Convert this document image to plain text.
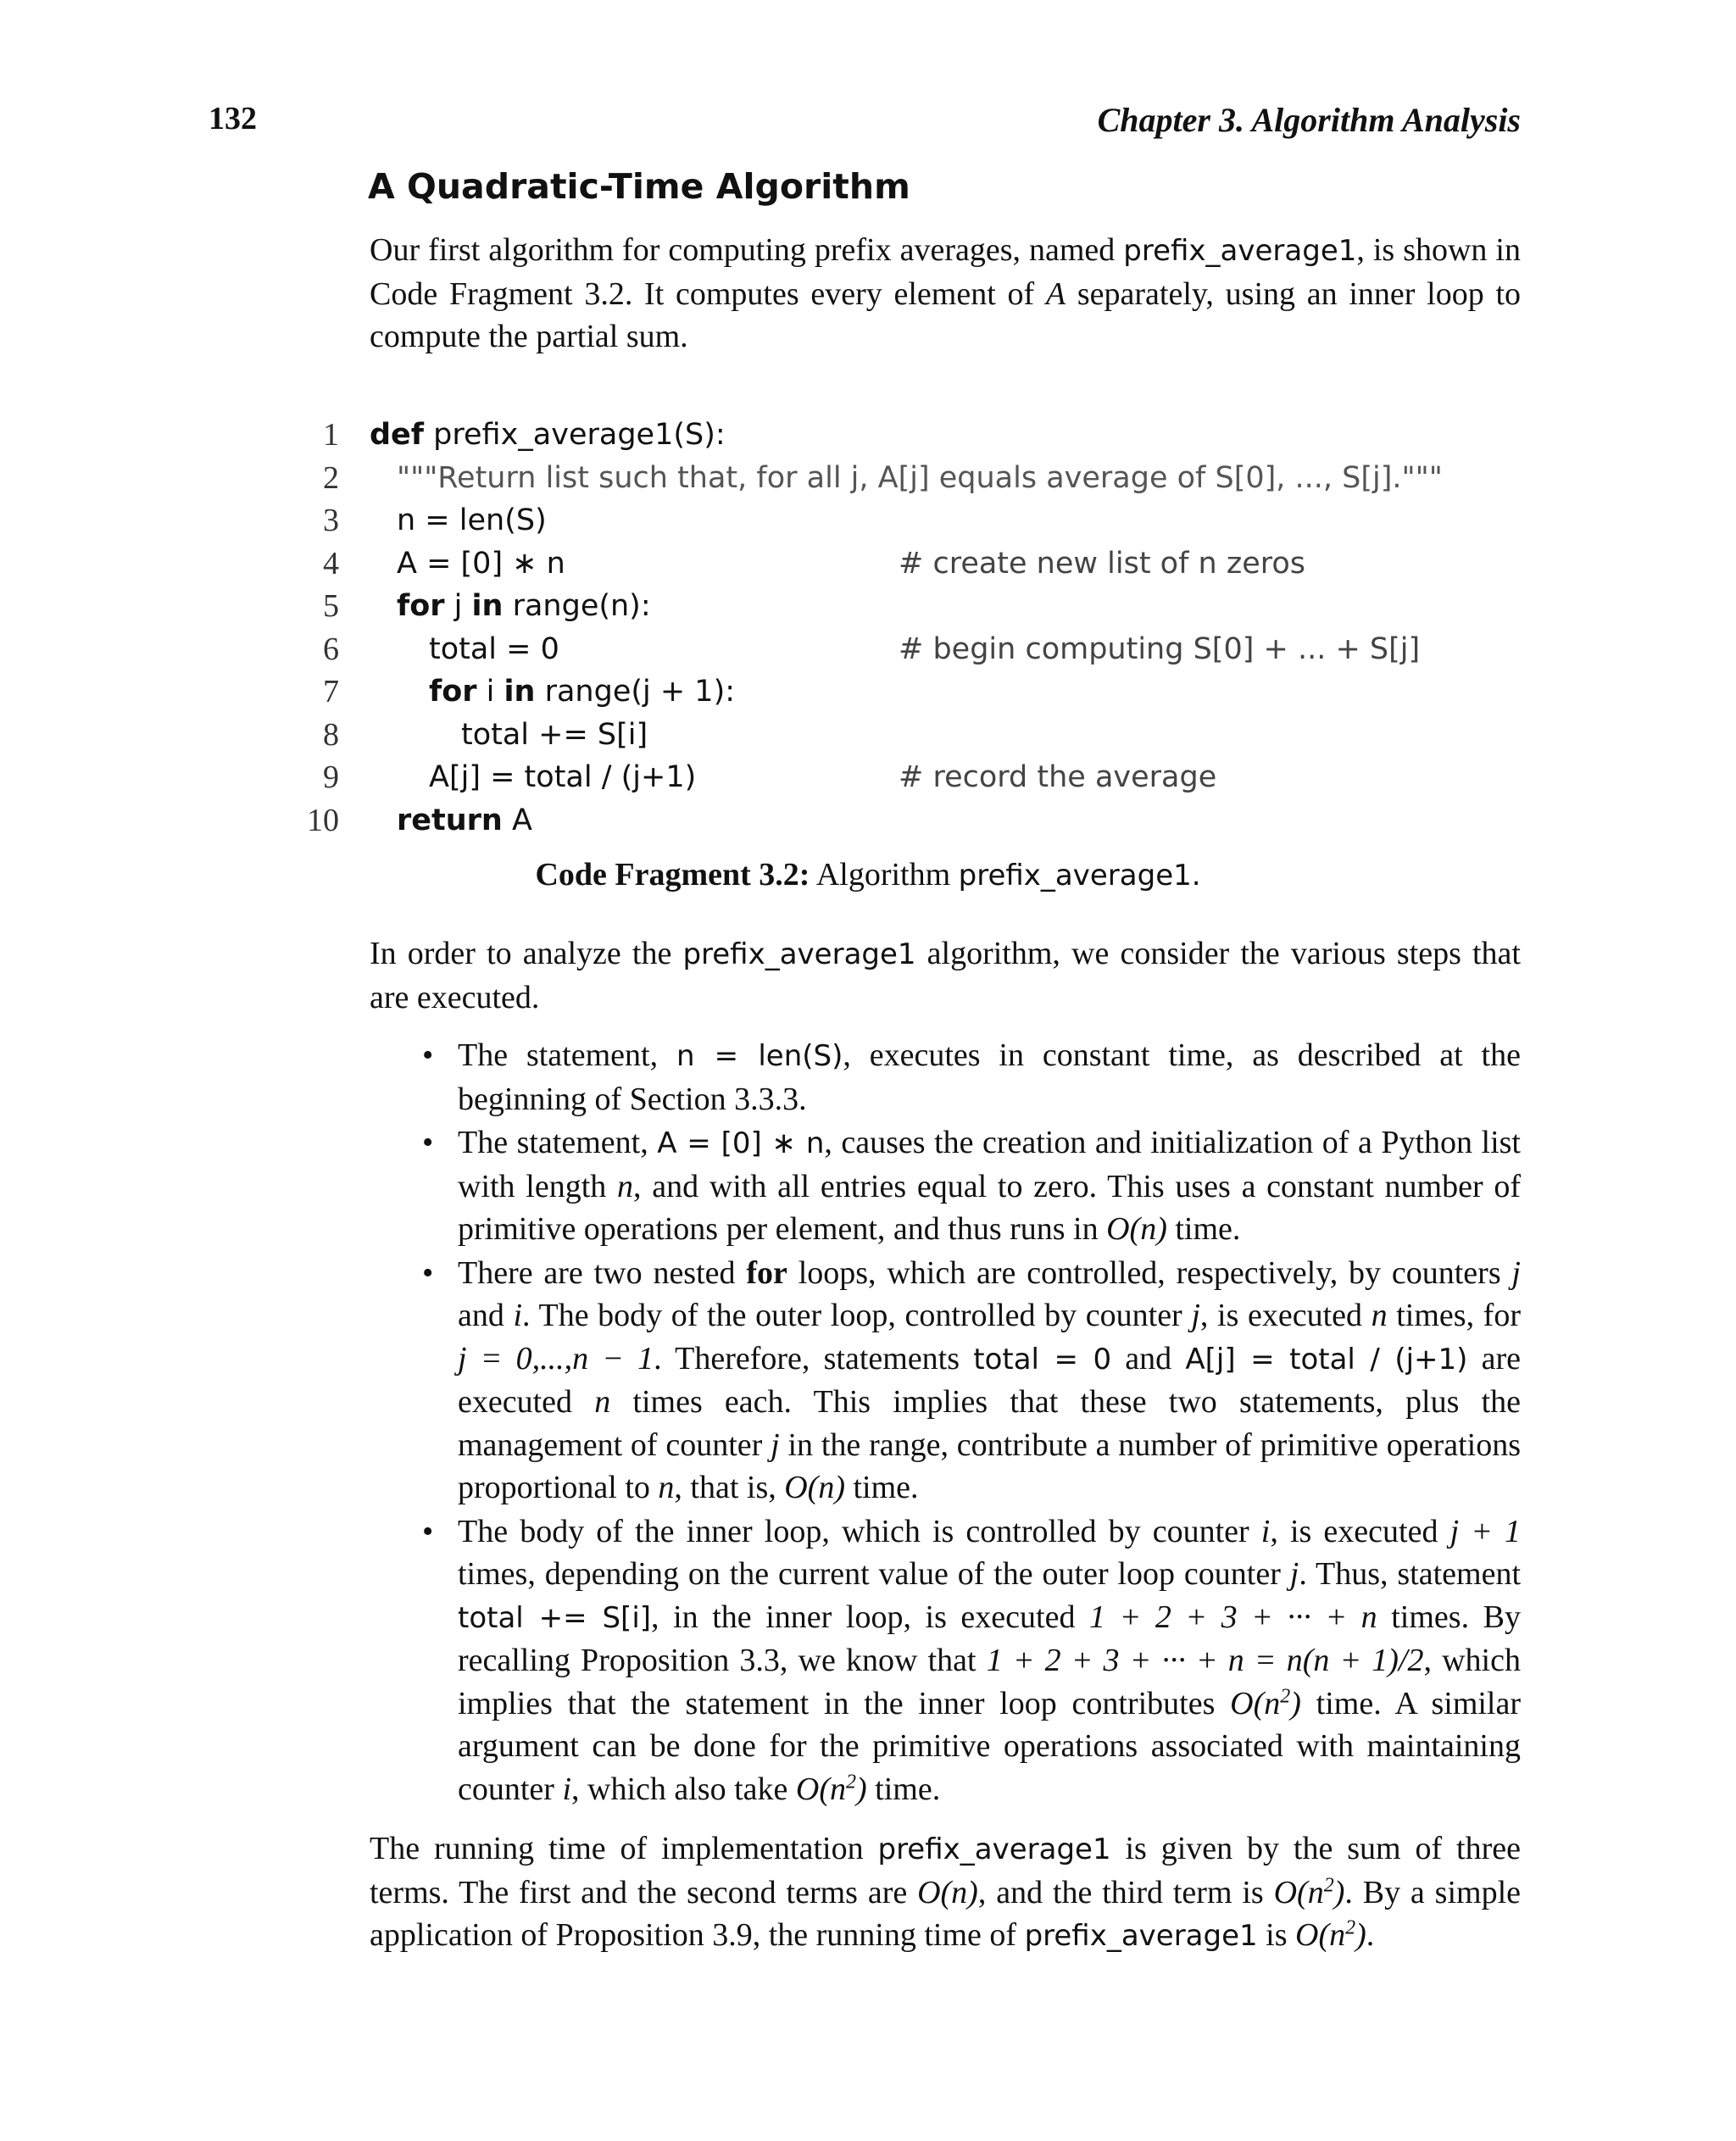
132	Chapter 3. Algorithm Analysis
A Quadratic-Time Algorithm

Our first algorithm for computing prefix averages, named prefix_average1, is shown in Code Fragment 3.2. It computes every element of A separately, using an inner loop to compute the partial sum.

1 def prefix_average1(S):
2 """Return list such that, for all j, A[j] equals average of S[0], ..., S[j]."""
3 n = len(S)
4 A = [0] ∗ n	# create new list of n zeros
5 for j in range(n):
6	total = 0	# begin computing S[0] + ... + S[j]
7	for i in range(j + 1):
8	total += S[i]
9	A[j] = total / (j+1)	# record the average
10 return A
Code Fragment 3.2: Algorithm prefix_average1.

In order to analyze the prefix_average1 algorithm, we consider the various steps that are executed.

• The statement, n = len(S), executes in constant time, as described at the beginning of Section 3.3.3.
• The statement, A = [0] ∗ n, causes the creation and initialization of a Python list with length n, and with all entries equal to zero. This uses a constant number of primitive operations per element, and thus runs in O(n) time.
• There are two nested for loops, which are controlled, respectively, by counters j and i. The body of the outer loop, controlled by counter j, is executed n times, for j = 0,...,n − 1. Therefore, statements total = 0 and A[j] = total / (j+1) are executed n times each. This implies that these two statements, plus the management of counter j in the range, contribute a number of primitive operations proportional to n, that is, O(n) time.
• The body of the inner loop, which is controlled by counter i, is executed j + 1 times, depending on the current value of the outer loop counter j. Thus, statement total += S[i], in the inner loop, is executed 1 + 2 + 3 + ··· + n times. By recalling Proposition 3.3, we know that 1 + 2 + 3 + ··· + n = n(n + 1)/2, which implies that the statement in the inner loop contributes $O(n^2)$ time. A similar argument can be done for the primitive operations associated with maintaining counter i, which also take $O(n^2)$ time.

The running time of implementation prefix_average1 is given by the sum of three terms. The first and the second terms are O(n), and the third term is $O(n^2)$. By a simple application of Proposition 3.9, the running time of prefix_average1 is $O(n^2)$.
